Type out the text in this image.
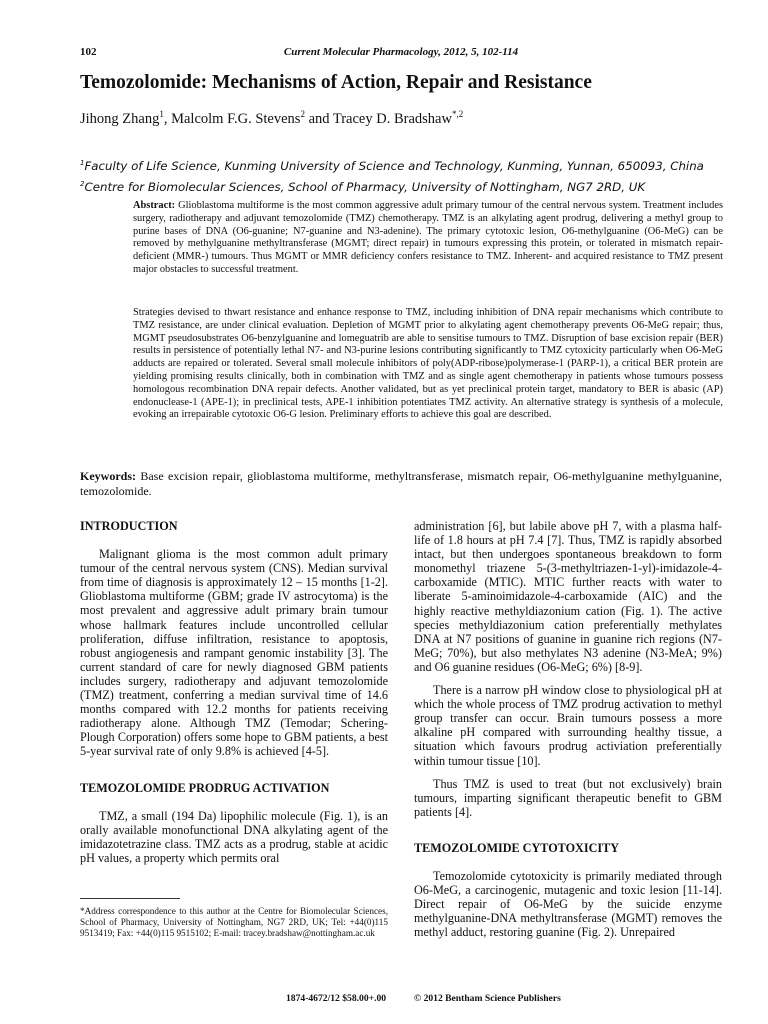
102	Current Molecular Pharmacology, 2012, 5, 102-114
Temozolomide: Mechanisms of Action, Repair and Resistance
Jihong Zhang$^1$, Malcolm F.G. Stevens$^2$ and Tracey D. Bradshaw$^{*,2}$
$^1$Faculty of Life Science, Kunming University of Science and Technology, Kunming, Yunnan, 650093, China
$^2$Centre for Biomolecular Sciences, School of Pharmacy, University of Nottingham, NG7 2RD, UK

Abstract: Glioblastoma multiforme is the most common aggressive adult primary tumour of the central nervous system. Treatment includes surgery, radiotherapy and adjuvant temozolomide (TMZ) chemotherapy. TMZ is an alkylating agent prodrug, delivering a methyl group to purine bases of DNA (O6-guanine; N7-guanine and N3-adenine). The primary cytotoxic lesion, O6-methylguanine (O6-MeG) can be removed by methylguanine methyltransferase (MGMT; direct repair) in tumours expressing this protein, or tolerated in mismatch repair-deficient (MMR-) tumours. Thus MGMT or MMR deficiency confers resistance to TMZ. Inherent- and acquired resistance to TMZ present major obstacles to successful treatment.

Strategies devised to thwart resistance and enhance response to TMZ, including inhibition of DNA repair mechanisms which contribute to TMZ resistance, are under clinical evaluation. Depletion of MGMT prior to alkylating agent chemotherapy prevents O6-MeG repair; thus, MGMT pseudosubstrates O6-benzylguanine and lomeguatrib are able to sensitise tumours to TMZ. Disruption of base excision repair (BER) results in persistence of potentially lethal N7- and N3-purine lesions contributing significantly to TMZ cytoxicity particularly when O6-MeG adducts are repaired or tolerated. Several small molecule inhibitors of poly(ADP-ribose)polymerase-1 (PARP-1), a critical BER protein are yielding promising results clinically, both in combination with TMZ and as single agent chemotherapy in patients whose tumours possess homologous recombination DNA repair defects. Another validated, but as yet preclinical protein target, mandatory to BER is abasic (AP) endonuclease-1 (APE-1); in preclinical tests, APE-1 inhibition potentiates TMZ activity. An alternative strategy is synthesis of a molecule, evoking an irrepairable cytotoxic O6-G lesion. Preliminary efforts to achieve this goal are described.

Keywords: Base excision repair, glioblastoma multiforme, methyltransferase, mismatch repair, O6-methylguanine methylguanine, temozolomide.

INTRODUCTION

Malignant glioma is the most common adult primary tumour of the central nervous system (CNS). Median survival from time of diagnosis is approximately 12 – 15 months [1-2]. Glioblastoma multiforme (GBM; grade IV astrocytoma) is the most prevalent and aggressive adult primary brain tumour whose hallmark features include uncontrolled cellular proliferation, diffuse infiltration, resistance to apoptosis, robust angiogenesis and rampant genomic instability [3]. The current standard of care for newly diagnosed GBM patients includes surgery, radiotherapy and adjuvant temozolomide (TMZ) treatment, conferring a median survival time of 14.6 months compared with 12.2 months for patients receiving radiotherapy alone. Although TMZ (Temodar; Schering-Plough Corporation) offers some hope to GBM patients, a best 5-year survival rate of only 9.8% is achieved [4-5].

TEMOZOLOMIDE PRODRUG ACTIVATION

TMZ, a small (194 Da) lipophilic molecule (Fig. 1), is an orally available monofunctional DNA alkylating agent of the imidazotetrazine class. TMZ acts as a prodrug, stable at acidic pH values, a property which permits oral

administration [6], but labile above pH 7, with a plasma half-life of 1.8 hours at pH 7.4 [7]. Thus, TMZ is rapidly absorbed intact, but then undergoes spontaneous breakdown to form monomethyl triazene 5-(3-methyltriazen-1-yl)-imidazole-4-carboxamide (MTIC). MTIC further reacts with water to liberate 5-aminoimidazole-4-carboxamide (AIC) and the highly reactive methyldiazonium cation (Fig. 1). The active species methyldiazonium cation preferentially methylates DNA at N7 positions of guanine in guanine rich regions (N7-MeG; 70%), but also methylates N3 adenine (N3-MeA; 9%) and O6 guanine residues (O6-MeG; 6%) [8-9].

There is a narrow pH window close to physiological pH at which the whole process of TMZ prodrug activation to methyl group transfer can occur. Brain tumours possess a more alkaline pH compared with surrounding healthy tissue, a situation which favours prodrug activiation preferentially within tumour tissue [10].

Thus TMZ is used to treat (but not exclusively) brain tumours, imparting significant therapeutic benefit to GBM patients [4].

TEMOZOLOMIDE CYTOTOXICITY

Temozolomide cytotoxicity is primarily mediated through O6-MeG, a carcinogenic, mutagenic and toxic lesion [11-14]. Direct repair of O6-MeG by the suicide enzyme methylguanine-DNA methyltransferase (MGMT) removes the methyl adduct, restoring guanine (Fig. 2). Unrepaired

*Address correspondence to this author at the Centre for Biomolecular Sciences, School of Pharmacy, University of Nottingham, NG7 2RD, UK; Tel: +44(0)115 9513419; Fax: +44(0)115 9515102; E-mail: tracey.bradshaw@nottingham.ac.uk

1874-4672/12 $58.00+.00	© 2012 Bentham Science Publishers
